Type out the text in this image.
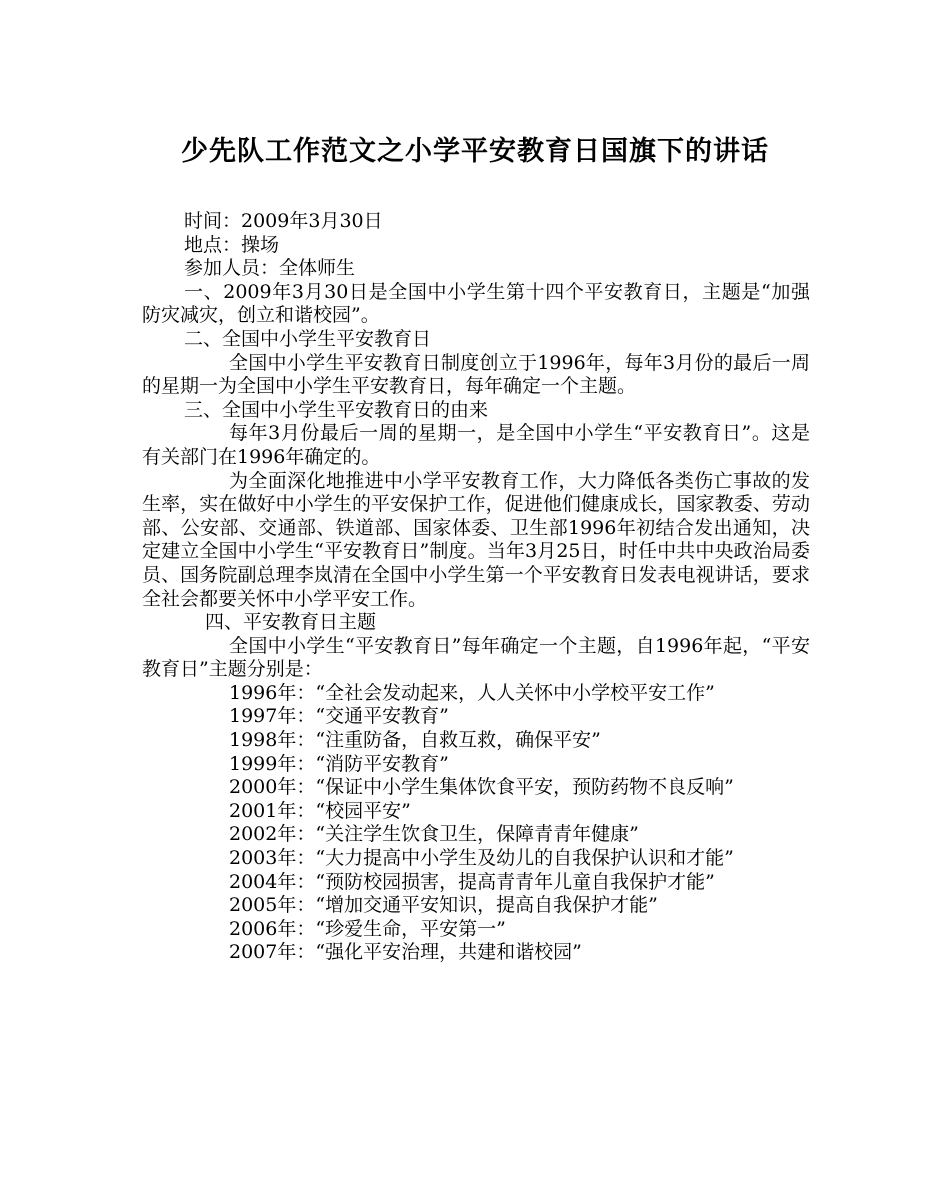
少先队工作范文之小学平安教育日国旗下的讲话

时间：2009年3月30日

地点：操场

参加人员：全体师生

一、2009年3月30日是全国中小学生第十四个平安教育日，主题是“加强防灾减灾，创立和谐校园”。

二、全国中小学生平安教育日

全国中小学生平安教育日制度创立于1996年，每年3月份的最后一周的星期一为全国中小学生平安教育日，每年确定一个主题。

三、全国中小学生平安教育日的由来

每年3月份最后一周的星期一，是全国中小学生“平安教育日”。这是有关部门在1996年确定的。

为全面深化地推进中小学平安教育工作，大力降低各类伤亡事故的发生率，实在做好中小学生的平安保护工作，促进他们健康成长，国家教委、劳动部、公安部、交通部、铁道部、国家体委、卫生部1996年初结合发出通知，决定建立全国中小学生“平安教育日”制度。当年3月25日，时任中共中央政治局委员、国务院副总理李岚清在全国中小学生第一个平安教育日发表电视讲话，要求全社会都要关怀中小学平安工作。

四、平安教育日主题

全国中小学生“平安教育日”每年确定一个主题，自1996年起，“平安教育日”主题分别是：

1996年：“全社会发动起来，人人关怀中小学校平安工作”

1997年：“交通平安教育”

1998年：“注重防备，自救互救，确保平安”

1999年：“消防平安教育”

2000年：“保证中小学生集体饮食平安，预防药物不良反响”

2001年：“校园平安”

2002年：“关注学生饮食卫生，保障青青年健康”

2003年：“大力提高中小学生及幼儿的自我保护认识和才能”

2004年：“预防校园损害，提高青青年儿童自我保护才能”

2005年：“增加交通平安知识，提高自我保护才能”

2006年：“珍爱生命，平安第一”

2007年：“强化平安治理，共建和谐校园”
